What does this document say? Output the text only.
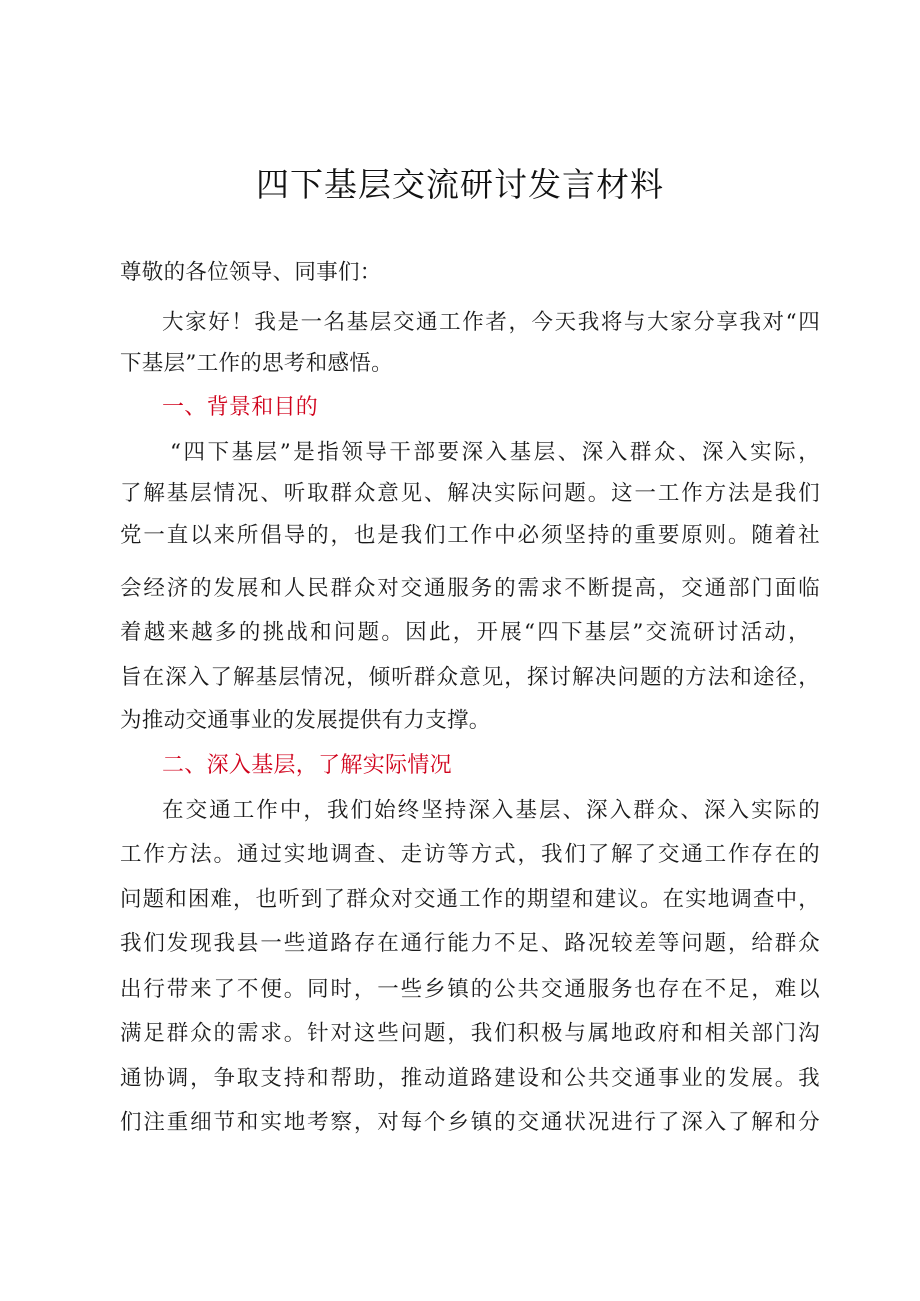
四下基层交流研讨发言材料
尊敬的各位领导、同事们：
大家好！我是一名基层交通工作者，今天我将与大家分享我对“四
下基层”工作的思考和感悟。
一、背景和目的
“四下基层”是指领导干部要深入基层、深入群众、深入实际，
了解基层情况、听取群众意见、解决实际问题。这一工作方法是我们
党一直以来所倡导的，也是我们工作中必须坚持的重要原则。随着社
会经济的发展和人民群众对交通服务的需求不断提高，交通部门面临
着越来越多的挑战和问题。因此，开展“四下基层”交流研讨活动，
旨在深入了解基层情况，倾听群众意见，探讨解决问题的方法和途径，
为推动交通事业的发展提供有力支撑。
二、深入基层，了解实际情况
在交通工作中，我们始终坚持深入基层、深入群众、深入实际的
工作方法。通过实地调查、走访等方式，我们了解了交通工作存在的
问题和困难，也听到了群众对交通工作的期望和建议。在实地调查中，
我们发现我县一些道路存在通行能力不足、路况较差等问题，给群众
出行带来了不便。同时，一些乡镇的公共交通服务也存在不足，难以
满足群众的需求。针对这些问题，我们积极与属地政府和相关部门沟
通协调，争取支持和帮助，推动道路建设和公共交通事业的发展。我
们注重细节和实地考察，对每个乡镇的交通状况进行了深入了解和分
